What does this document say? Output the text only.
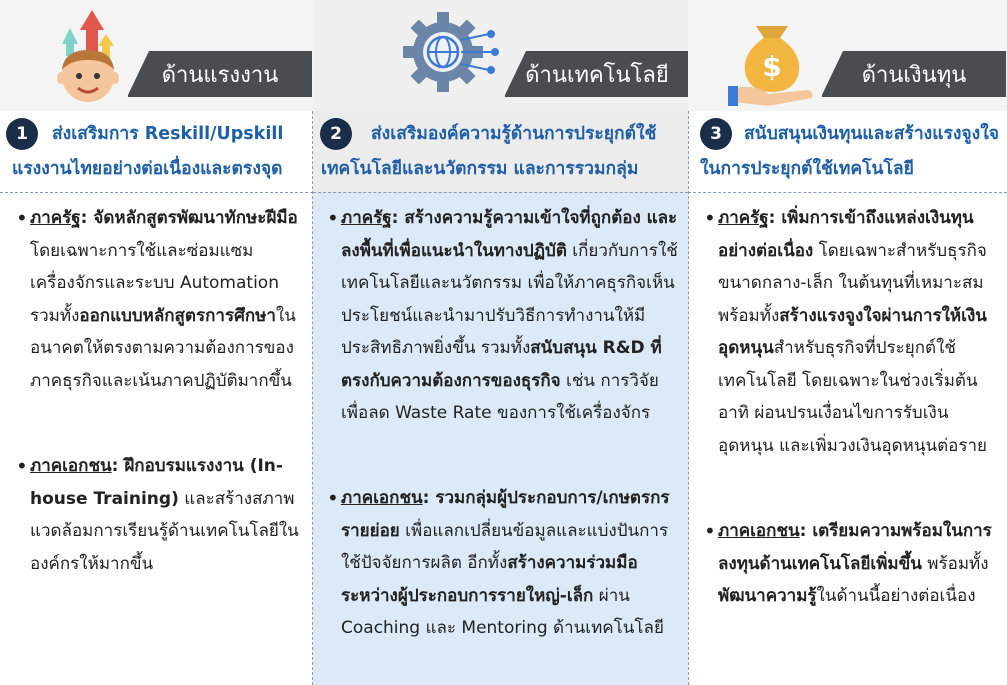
ด้านแรงงาน
1	ส่งเสริมการ Reskill/Upskill
แรงงานไทยอย่างต่อเนื่องและตรงจุด
• ภาครัฐ: จัดหลักสูตรพัฒนาทักษะฝีมือ โดยเฉพาะการใช้และซ่อมแซมเครื่องจักรและระบบ Automation รวมทั้งออกแบบหลักสูตรการศึกษาในอนาคตให้ตรงตามความต้องการของภาคธุรกิจและเน้นภาคปฏิบัติมากขึ้น
• ภาคเอกชน: ฝึกอบรมแรงงาน (In-house Training) และสร้างสภาพแวดล้อมการเรียนรู้ด้านเทคโนโลยีในองค์กรให้มากขึ้น
ด้านเทคโนโลยี
2	ส่งเสริมองค์ความรู้ด้านการประยุกต์ใช้
เทคโนโลยีและนวัตกรรม และการรวมกลุ่ม
• ภาครัฐ: สร้างความรู้ความเข้าใจที่ถูกต้อง และลงพื้นที่เพื่อแนะนำในทางปฏิบัติ เกี่ยวกับการใช้เทคโนโลยีและนวัตกรรม เพื่อให้ภาคธุรกิจเห็นประโยชน์และนำมาปรับวิธีการทำงานให้มีประสิทธิภาพยิ่งขึ้น รวมทั้งสนับสนุน R&D ที่ตรงกับความต้องการของธุรกิจ เช่น การวิจัยเพื่อลด Waste Rate ของการใช้เครื่องจักร
• ภาคเอกชน: รวมกลุ่มผู้ประกอบการ/เกษตรกรรายย่อย เพื่อแลกเปลี่ยนข้อมูลและแบ่งปันการใช้ปัจจัยการผลิต อีกทั้งสร้างความร่วมมือระหว่างผู้ประกอบการรายใหญ่-เล็ก ผ่าน Coaching และ Mentoring ด้านเทคโนโลยี
$	ด้านเงินทุน
3	สนับสนุนเงินทุนและสร้างแรงจูงใจ
ในการประยุกต์ใช้เทคโนโลยี
• ภาครัฐ: เพิ่มการเข้าถึงแหล่งเงินทุนอย่างต่อเนื่อง โดยเฉพาะสำหรับธุรกิจขนาดกลาง-เล็ก ในต้นทุนที่เหมาะสม พร้อมทั้งสร้างแรงจูงใจผ่านการให้เงินอุดหนุนสำหรับธุรกิจที่ประยุกต์ใช้เทคโนโลยี โดยเฉพาะในช่วงเริ่มต้น อาทิ ผ่อนปรนเงื่อนไขการรับเงินอุดหนุน และเพิ่มวงเงินอุดหนุนต่อราย
• ภาคเอกชน: เตรียมความพร้อมในการลงทุนด้านเทคโนโลยีเพิ่มขึ้น พร้อมทั้งพัฒนาความรู้ในด้านนี้อย่างต่อเนื่อง
